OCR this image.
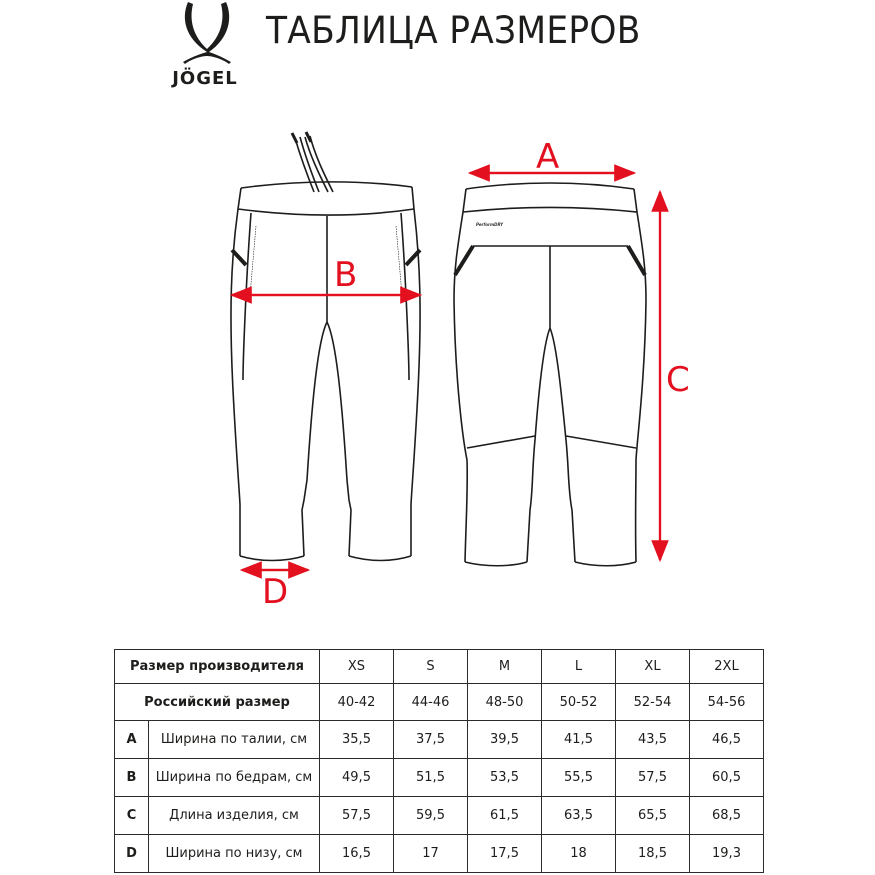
JÖGEL
ТАБЛИЦА РАЗМЕРОВ
PerformDRY
A
B
C
D
Размер производителя		XS	S	M	L	XL	2XL
Российский размер		40-42	44-46	48-50	50-52	52-54	54-56
A	Ширина по талии, см	35,5	37,5	39,5	41,5	43,5	46,5
B	Ширина по бедрам, см	49,5	51,5	53,5	55,5	57,5	60,5
C	Длина изделия, см	57,5	59,5	61,5	63,5	65,5	68,5
D	Ширина по низу, см	16,5	17	17,5	18	18,5	19,3
